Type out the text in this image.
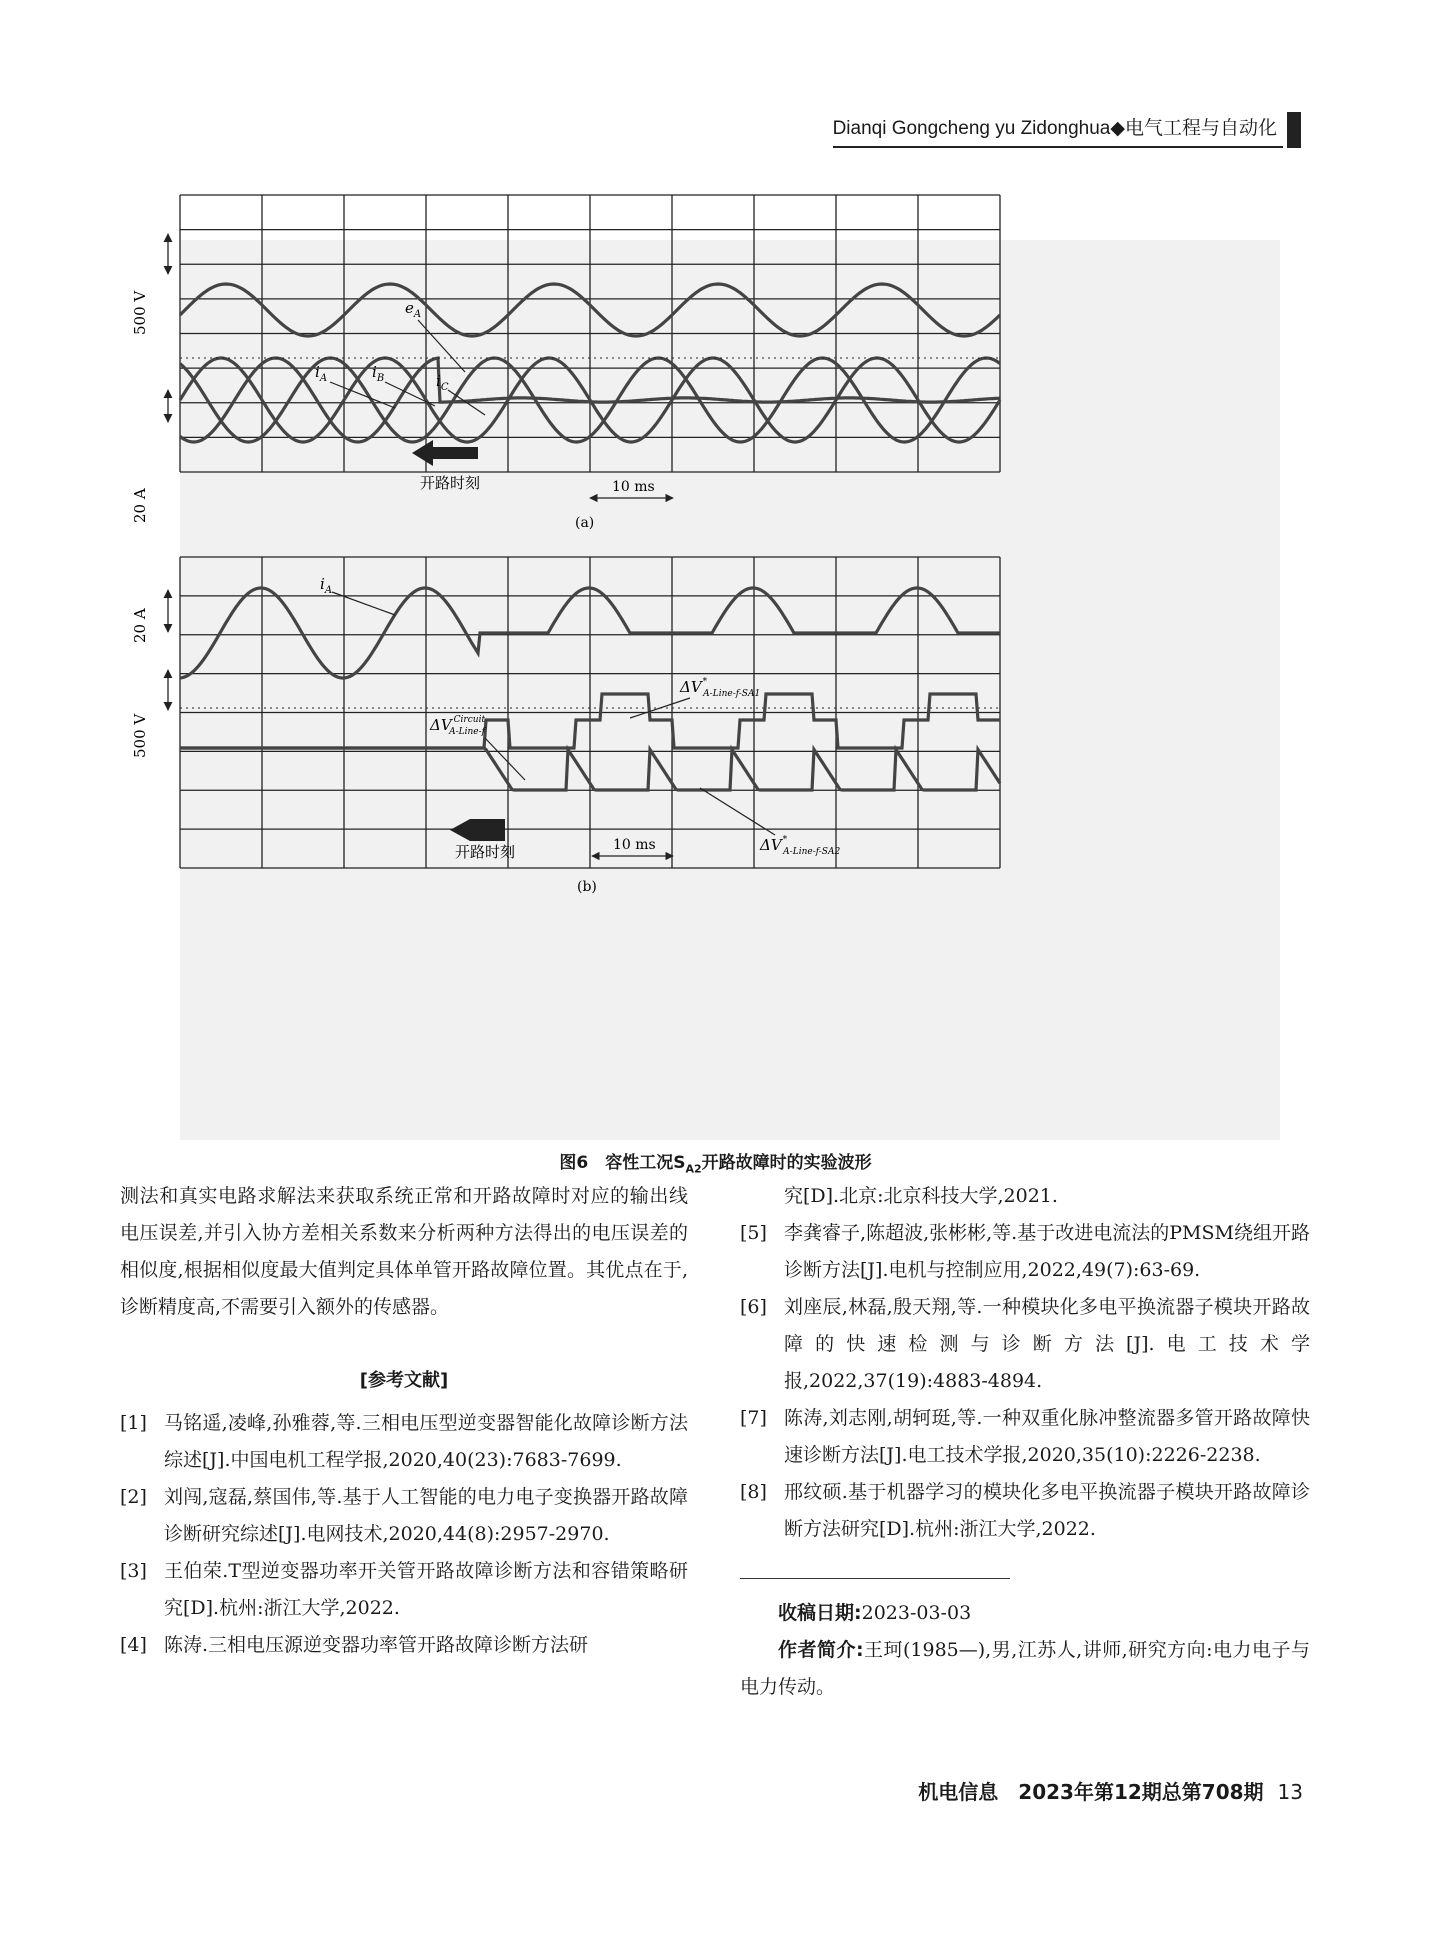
Dianqi Gongcheng yu Zidonghua◆电气工程与自动化
500 V
20 A
$e_A$
$i_A$	$i_B$	$i_C$
开路时刻	10 ms
(a)
20 A
500 V
$i_A$
ΔV $^{Circuit}$ A-Line-f
ΔV* A-Line-f-SA1
ΔV* A-Line-f-SA2
开路时刻	10 ms
(b)
图6　容性工况$S_{A2}$开路故障时的实验波形

测法和真实电路求解法来获取系统正常和开路故障时对应的输出线电压误差,并引入协方差相关系数来分析两种方法得出的电压误差的相似度,根据相似度最大值判定具体单管开路故障位置。其优点在于,诊断精度高,不需要引入额外的传感器。

[参考文献]

[1] 马铭遥,凌峰,孙雅蓉,等.三相电压型逆变器智能化故障诊断方法综述[J].中国电机工程学报,2020,40(23):7683-7699.

[2] 刘闯,寇磊,蔡国伟,等.基于人工智能的电力电子变换器开路故障诊断研究综述[J].电网技术,2020,44(8):2957-2970.

[3] 王伯荣.T型逆变器功率开关管开路故障诊断方法和容错策略研究[D].杭州:浙江大学,2022.

[4] 陈涛.三相电压源逆变器功率管开路故障诊断方法研

究[D].北京:北京科技大学,2021.

[5] 李龚睿子,陈超波,张彬彬,等.基于改进电流法的PMSM绕组开路诊断方法[J].电机与控制应用,2022,49(7):63-69.

[6] 刘座辰,林磊,殷天翔,等.一种模块化多电平换流器子模块开路故障的快速检测与诊断方法[J].电工技术学报,2022,37(19):4883-4894.

[7] 陈涛,刘志刚,胡轲珽,等.一种双重化脉冲整流器多管开路故障快速诊断方法[J].电工技术学报,2020,35(10):2226-2238.

[8] 邢纹硕.基于机器学习的模块化多电平换流器子模块开路故障诊断方法研究[D].杭州:浙江大学,2022.

收稿日期:2023-03-03

作者简介:王珂(1985—),男,江苏人,讲师,研究方向:电力电子与电力传动。

机电信息　2023年第12期总第708期 13
